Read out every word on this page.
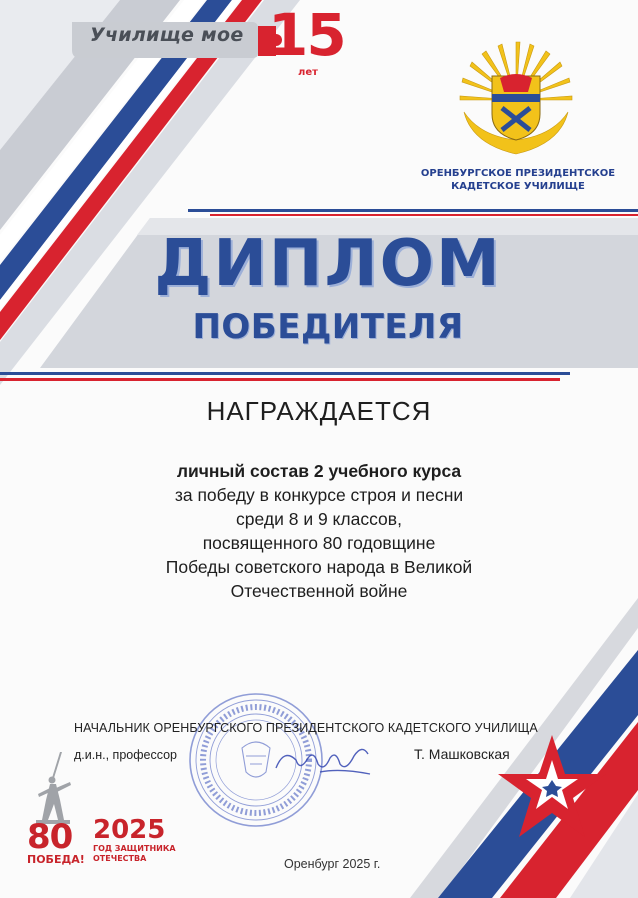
Училище мое 15
лет
ОРЕНБУРГСКОЕ ПРЕЗИДЕНТСКОЕ
КАДЕТСКОЕ УЧИЛИЩЕ
ДИПЛОМ
ПОБЕДИТЕЛЯ
НАГРАЖДАЕТСЯ
личный состав 2 учебного курса
за победу в конкурсе строя и песни
среди 8 и 9 классов,
посвященного 80 годовщине
Победы советского народа в Великой
Отечественной войне
НАЧАЛЬНИК ОРЕНБУРГСКОГО ПРЕЗИДЕНТСКОГО КАДЕТСКОГО УЧИЛИЩА
д.и.н., профессор	Т. Машковская
Оренбург 2025 г.
80
ПОБЕДА!
2025
ГОД ЗАЩИТНИКА
ОТЕЧЕСТВА
